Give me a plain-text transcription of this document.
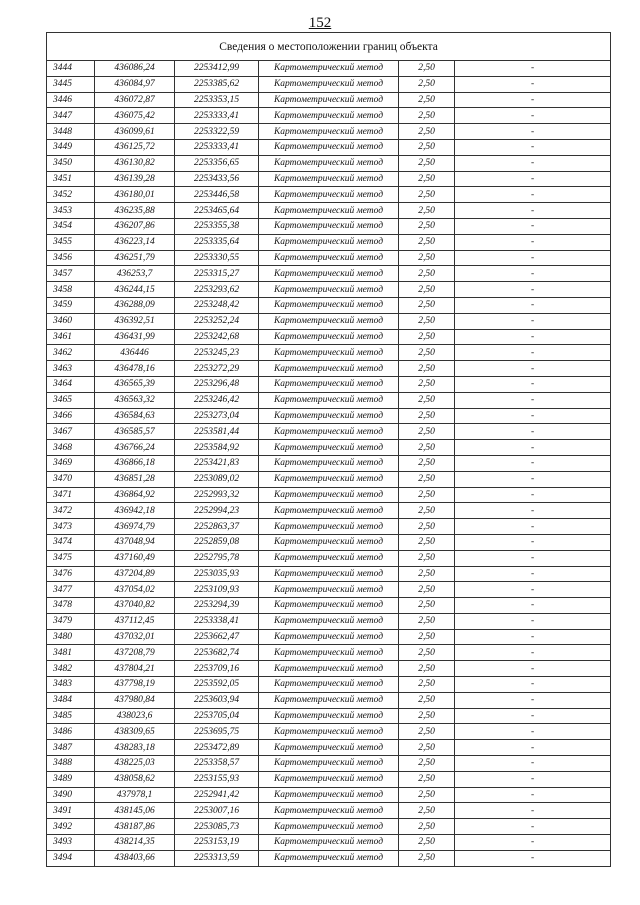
152
Сведения о местоположении границ объекта					
3444	436086,24	2253412,99	Картометрический метод	2,50	-
3445	436084,97	2253385,62	Картометрический метод	2,50	-
3446	436072,87	2253353,15	Картометрический метод	2,50	-
3447	436075,42	2253333,41	Картометрический метод	2,50	-
3448	436099,61	2253322,59	Картометрический метод	2,50	-
3449	436125,72	2253333,41	Картометрический метод	2,50	-
3450	436130,82	2253356,65	Картометрический метод	2,50	-
3451	436139,28	2253433,56	Картометрический метод	2,50	-
3452	436180,01	2253446,58	Картометрический метод	2,50	-
3453	436235,88	2253465,64	Картометрический метод	2,50	-
3454	436207,86	2253355,38	Картометрический метод	2,50	-
3455	436223,14	2253335,64	Картометрический метод	2,50	-
3456	436251,79	2253330,55	Картометрический метод	2,50	-
3457	436253,7	2253315,27	Картометрический метод	2,50	-
3458	436244,15	2253293,62	Картометрический метод	2,50	-
3459	436288,09	2253248,42	Картометрический метод	2,50	-
3460	436392,51	2253252,24	Картометрический метод	2,50	-
3461	436431,99	2253242,68	Картометрический метод	2,50	-
3462	436446	2253245,23	Картометрический метод	2,50	-
3463	436478,16	2253272,29	Картометрический метод	2,50	-
3464	436565,39	2253296,48	Картометрический метод	2,50	-
3465	436563,32	2253246,42	Картометрический метод	2,50	-
3466	436584,63	2253273,04	Картометрический метод	2,50	-
3467	436585,57	2253581,44	Картометрический метод	2,50	-
3468	436766,24	2253584,92	Картометрический метод	2,50	-
3469	436866,18	2253421,83	Картометрический метод	2,50	-
3470	436851,28	2253089,02	Картометрический метод	2,50	-
3471	436864,92	2252993,32	Картометрический метод	2,50	-
3472	436942,18	2252994,23	Картометрический метод	2,50	-
3473	436974,79	2252863,37	Картометрический метод	2,50	-
3474	437048,94	2252859,08	Картометрический метод	2,50	-
3475	437160,49	2252795,78	Картометрический метод	2,50	-
3476	437204,89	2253035,93	Картометрический метод	2,50	-
3477	437054,02	2253109,93	Картометрический метод	2,50	-
3478	437040,82	2253294,39	Картометрический метод	2,50	-
3479	437112,45	2253338,41	Картометрический метод	2,50	-
3480	437032,01	2253662,47	Картометрический метод	2,50	-
3481	437208,79	2253682,74	Картометрический метод	2,50	-
3482	437804,21	2253709,16	Картометрический метод	2,50	-
3483	437798,19	2253592,05	Картометрический метод	2,50	-
3484	437980,84	2253603,94	Картометрический метод	2,50	-
3485	438023,6	2253705,04	Картометрический метод	2,50	-
3486	438309,65	2253695,75	Картометрический метод	2,50	-
3487	438283,18	2253472,89	Картометрический метод	2,50	-
3488	438225,03	2253358,57	Картометрический метод	2,50	-
3489	438058,62	2253155,93	Картометрический метод	2,50	-
3490	437978,1	2252941,42	Картометрический метод	2,50	-
3491	438145,06	2253007,16	Картометрический метод	2,50	-
3492	438187,86	2253085,73	Картометрический метод	2,50	-
3493	438214,35	2253153,19	Картометрический метод	2,50	-
3494	438403,66	2253313,59	Картометрический метод	2,50	-
